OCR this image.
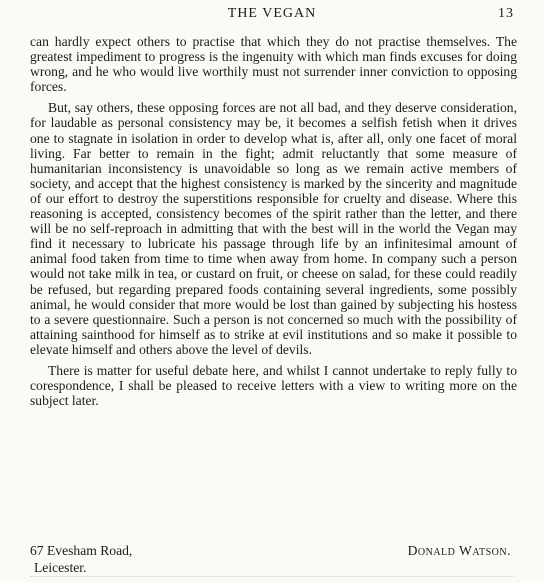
THE VEGAN	13

can hardly expect others to practise that which they do not practise themselves. The greatest impediment to progress is the ingenuity with which man finds excuses for doing wrong, and he who would live worthily must not surrender inner conviction to opposing forces.

But, say others, these opposing forces are not all bad, and they deserve consideration, for laudable as personal consistency may be, it becomes a selfish fetish when it drives one to stagnate in isolation in order to develop what is, after all, only one facet of moral living. Far better to remain in the fight; admit reluctantly that some measure of humanitarian inconsistency is unavoidable so long as we remain active members of society, and accept that the highest consistency is marked by the sincerity and magnitude of our effort to destroy the superstitions responsible for cruelty and disease. Where this reasoning is accepted, consistency becomes of the spirit rather than the letter, and there will be no self-reproach in admitting that with the best will in the world the Vegan may find it necessary to lubricate his passage through life by an infinitesimal amount of animal food taken from time to time when away from home. In company such a person would not take milk in tea, or custard on fruit, or cheese on salad, for these could readily be refused, but regarding prepared foods containing several ingredients, some possibly animal, he would consider that more would be lost than gained by subjecting his hostess to a severe questionnaire. Such a person is not concerned so much with the possibility of attaining sainthood for himself as to strike at evil institutions and so make it possible to elevate himself and others above the level of devils.

There is matter for useful debate here, and whilst I cannot undertake to reply fully to corespondence, I shall be pleased to receive letters with a view to writing more on the subject later.

67 Evesham Road,	Donald Watson.
Leicester.
